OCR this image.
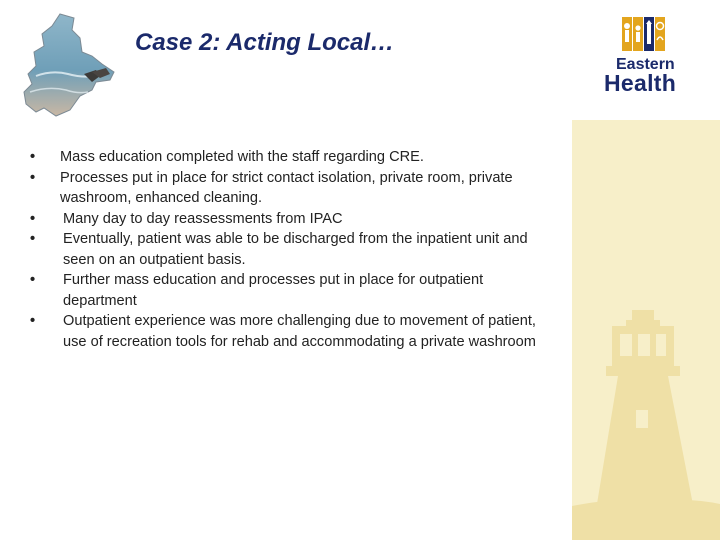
Case 2: Acting Local…
Eastern
Health
• Mass education completed with the staff regarding CRE.
• Processes put in place for strict contact isolation, private room, private washroom, enhanced cleaning.
• Many day to day reassessments from IPAC
• Eventually, patient was able to be discharged from the inpatient unit and seen on an outpatient basis.
• Further mass education and processes put in place for outpatient department
• Outpatient experience was more challenging due to movement of patient, use of recreation tools for rehab and accommodating a private washroom
